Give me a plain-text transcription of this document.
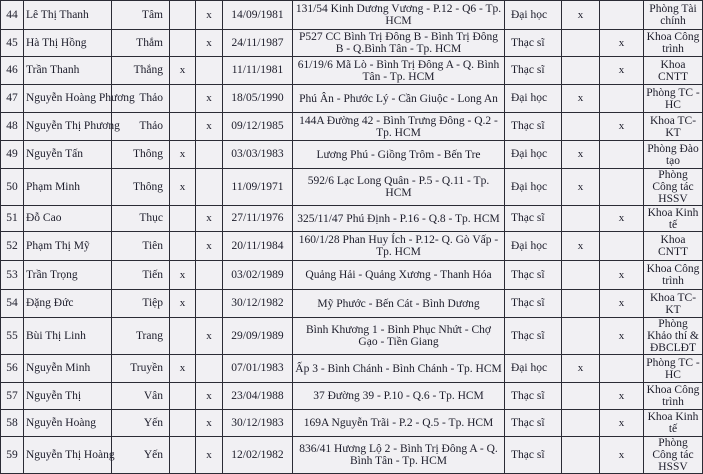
44	Lê Thị Thanh	Tâm		x	14/09/1981	131/54 Kinh Dương Vương - P.12 - Q6 - Tp. HCM	Đại học	x		Phòng Tài chính
45	Hà Thị Hồng	Thắm		x	24/11/1987	P527 CC Bình Trị Đông B - Bình Trị Đông B - Q.Bình Tân - Tp. HCM	Thạc sĩ		x	Khoa Công trình
46	Trần Thanh	Thắng	x		11/11/1981	61/19/6 Mã Lò - Bình Trị Đông A - Q. Bình Tân - Tp. HCM	Thạc sĩ		x	Khoa CNTT
47	Nguyễn Hoàng Phương	Thảo		x	18/05/1990	Phú Ân - Phước Lý - Cần Giuộc - Long An	Đại học	x		Phòng TC - HC
48	Nguyễn Thị Phương	Thảo		x	09/12/1985	144A Đường 42 - Bình Trưng Đông - Q.2 - Tp. HCM	Thạc sĩ		x	Khoa TC-KT
49	Nguyễn Tấn	Thông	x		03/03/1983	Lương Phú - Giồng Trôm - Bến Tre	Đại học	x		Phòng Đào tạo
50	Phạm Minh	Thông	x		11/09/1971	592/6 Lạc Long Quân - P.5 - Q.11 - Tp. HCM	Đại học	x		Phòng Công tác HSSV
51	Đỗ Cao	Thục		x	27/11/1976	325/11/47 Phú Định - P.16 - Q.8 - Tp. HCM	Thạc sĩ		x	Khoa Kinh tế
52	Phạm Thị Mỹ	Tiên		x	20/11/1984	160/1/28 Phan Huy Ích - P.12- Q. Gò Vấp - Tp. HCM	Đại học	x		Khoa CNTT
53	Trần Trọng	Tiến	x		03/02/1989	Quảng Hải - Quảng Xương - Thanh Hóa	Thạc sĩ		x	Khoa Công trình
54	Đặng Đức	Tiệp	x		30/12/1982	Mỹ Phước - Bến Cát - Bình Dương	Thạc sĩ		x	Khoa TC-KT
55	Bùi Thị Linh	Trang		x	29/09/1989	Bình Khương 1 - Bình Phục Nhứt - Chợ Gạo - Tiền Giang	Thạc sĩ		x	Phòng Khảo thí & ĐBCLĐT
56	Nguyễn Minh	Truyền	x		07/01/1983	Ấp 3 - Bình Chánh - Bình Chánh - Tp. HCM	Đại học	x		Phòng TC - HC
57	Nguyễn Thị	Vân		x	23/04/1988	37 Đường 39 - P.10 - Q.6 - Tp. HCM	Thạc sĩ		x	Khoa Công trình
58	Nguyễn Hoàng	Yến		x	30/12/1983	169A Nguyễn Trãi - P.2 - Q.5 - Tp. HCM	Thạc sĩ		x	Khoa Kinh tế
59	Nguyễn Thị Hoàng	Yến		x	12/02/1982	836/41 Hương Lộ 2 - Bình Trị Đông A - Q. Bình Tân - Tp. HCM	Thạc sĩ		x	Phòng Công tác HSSV
